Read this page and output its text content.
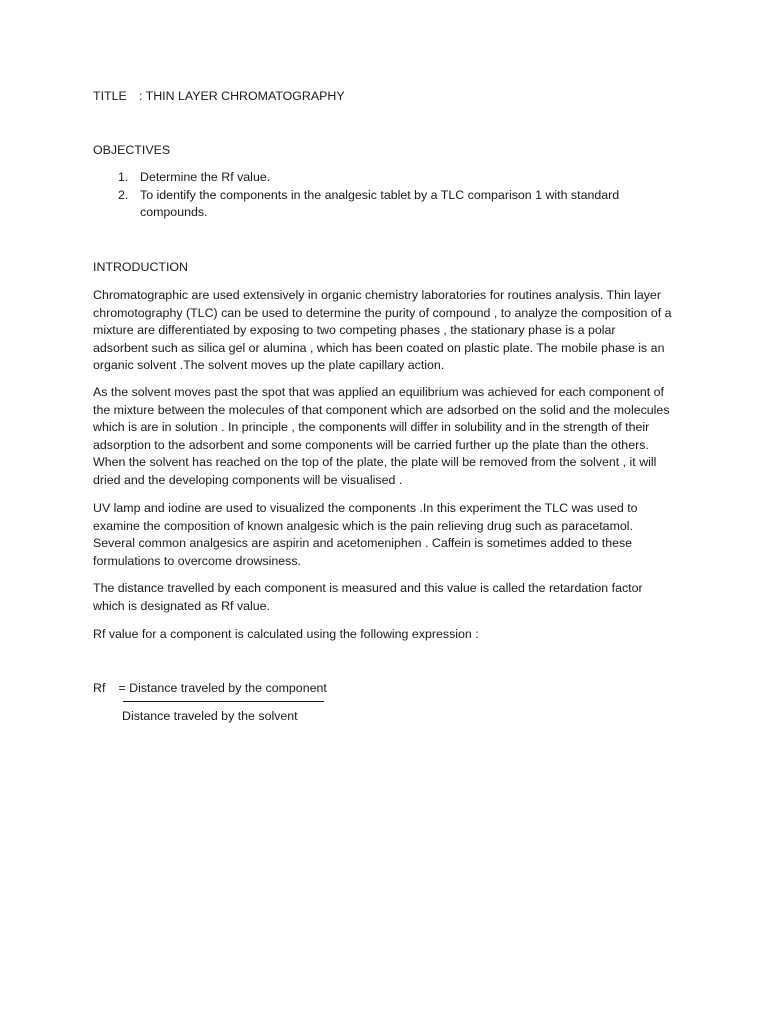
TITLE : THIN LAYER CHROMATOGRAPHY
OBJECTIVES
1. Determine the Rf value.
2. To identify the components in the analgesic tablet by a TLC comparison 1 with standard compounds.
INTRODUCTION

Chromatographic are used extensively in organic chemistry laboratories for routines analysis. Thin layer chromotography (TLC) can be used to determine the purity of compound , to analyze the composition of a mixture are differentiated by exposing to two competing phases , the stationary phase is a polar adsorbent such as silica gel or alumina , which has been coated on plastic plate. The mobile phase is an organic solvent .The solvent moves up the plate capillary action.

As the solvent moves past the spot that was applied an equilibrium was achieved for each component of the mixture between the molecules of that component which are adsorbed on the solid and the molecules which is are in solution . In principle , the components will differ in solubility and in the strength of their adsorption to the adsorbent and some components will be carried further up the plate than the others. When the solvent has reached on the top of the plate, the plate will be removed from the solvent , it will dried and the developing components will be visualised .

UV lamp and iodine are used to visualized the components .In this experiment the TLC was used to examine the composition of known analgesic which is the pain relieving drug such as paracetamol. Several common analgesics are aspirin and acetomeniphen . Caffein is sometimes added to these formulations to overcome drowsiness.

The distance travelled by each component is measured and this value is called the retardation factor which is designated as Rf value.

Rf value for a component is calculated using the following expression :

Rf = Distance traveled by the component
Distance traveled by the solvent
